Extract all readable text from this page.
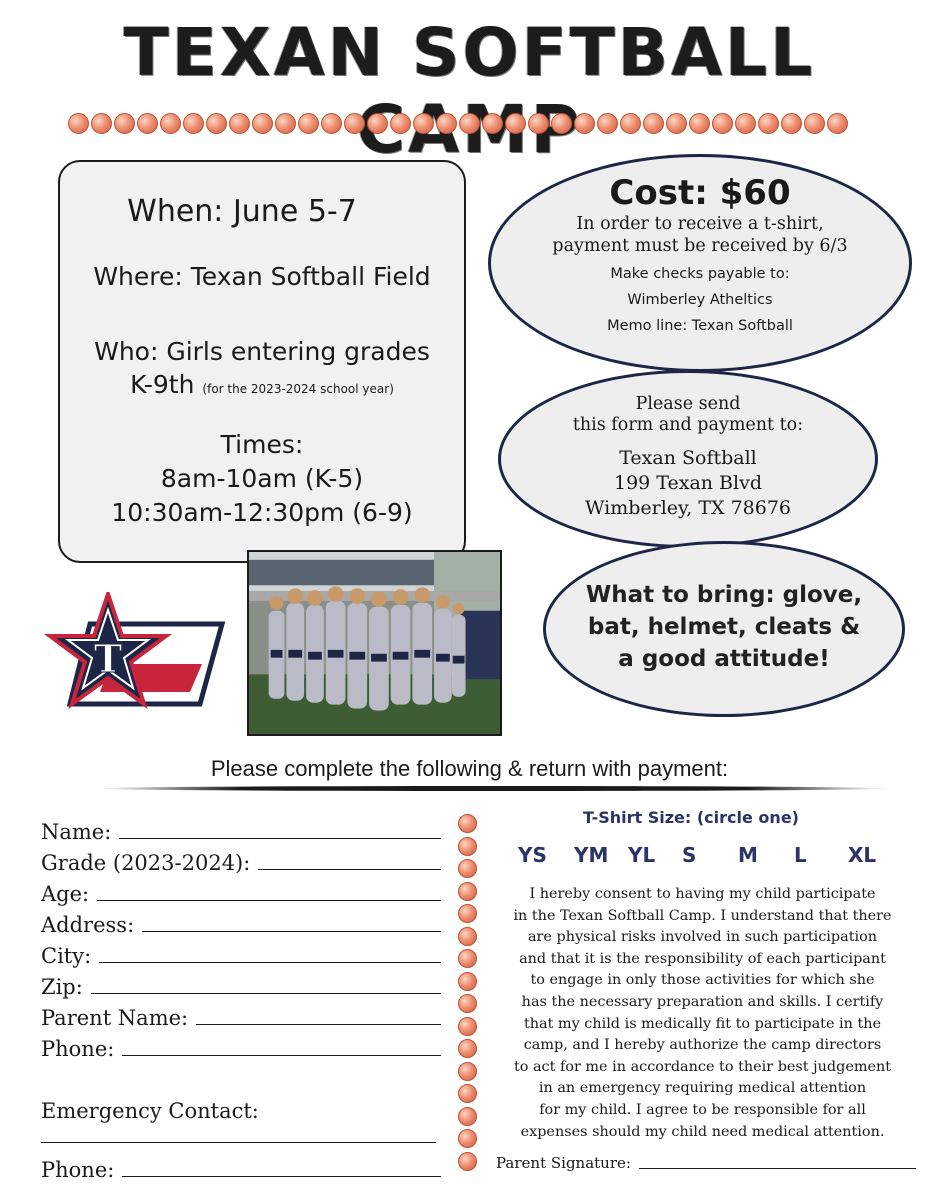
TEXAN SOFTBALL
When: June 5-7
Where: Texan Softball Field
Who: Girls entering grades
K-9th (for the 2023-2024 school year)
Times:
8am-10am (K-5)
10:30am-12:30pm (6-9)
Cost: $60
In order to receive a t-shirt,
payment must be received by 6/3
Make checks payable to:
Wimberley Atheltics
Memo line: Texan Softball
Please send
this form and payment to:
Texan Softball
199 Texan Blvd
Wimberley, TX 78676
What to bring: glove,
bat, helmet, cleats &
a good attitude!
T
Please complete the following & return with payment:
Name:
Grade (2023-2024):
Age:
Address:
City:
Zip:
Parent Name:
Phone:
Emergency Contact:
Phone:
T-Shirt Size: (circle one)
YS YM YL S M L XL
I hereby consent to having my child participate
in the Texan Softball Camp. I understand that there
are physical risks involved in such participation
and that it is the responsibility of each participant
to engage in only those activities for which she
has the necessary preparation and skills. I certify
that my child is medically fit to participate in the
camp, and I hereby authorize the camp directors
to act for me in accordance to their best judgement
in an emergency requiring medical attention
for my child. I agree to be responsible for all
expenses should my child need medical attention.
Parent Signature:
